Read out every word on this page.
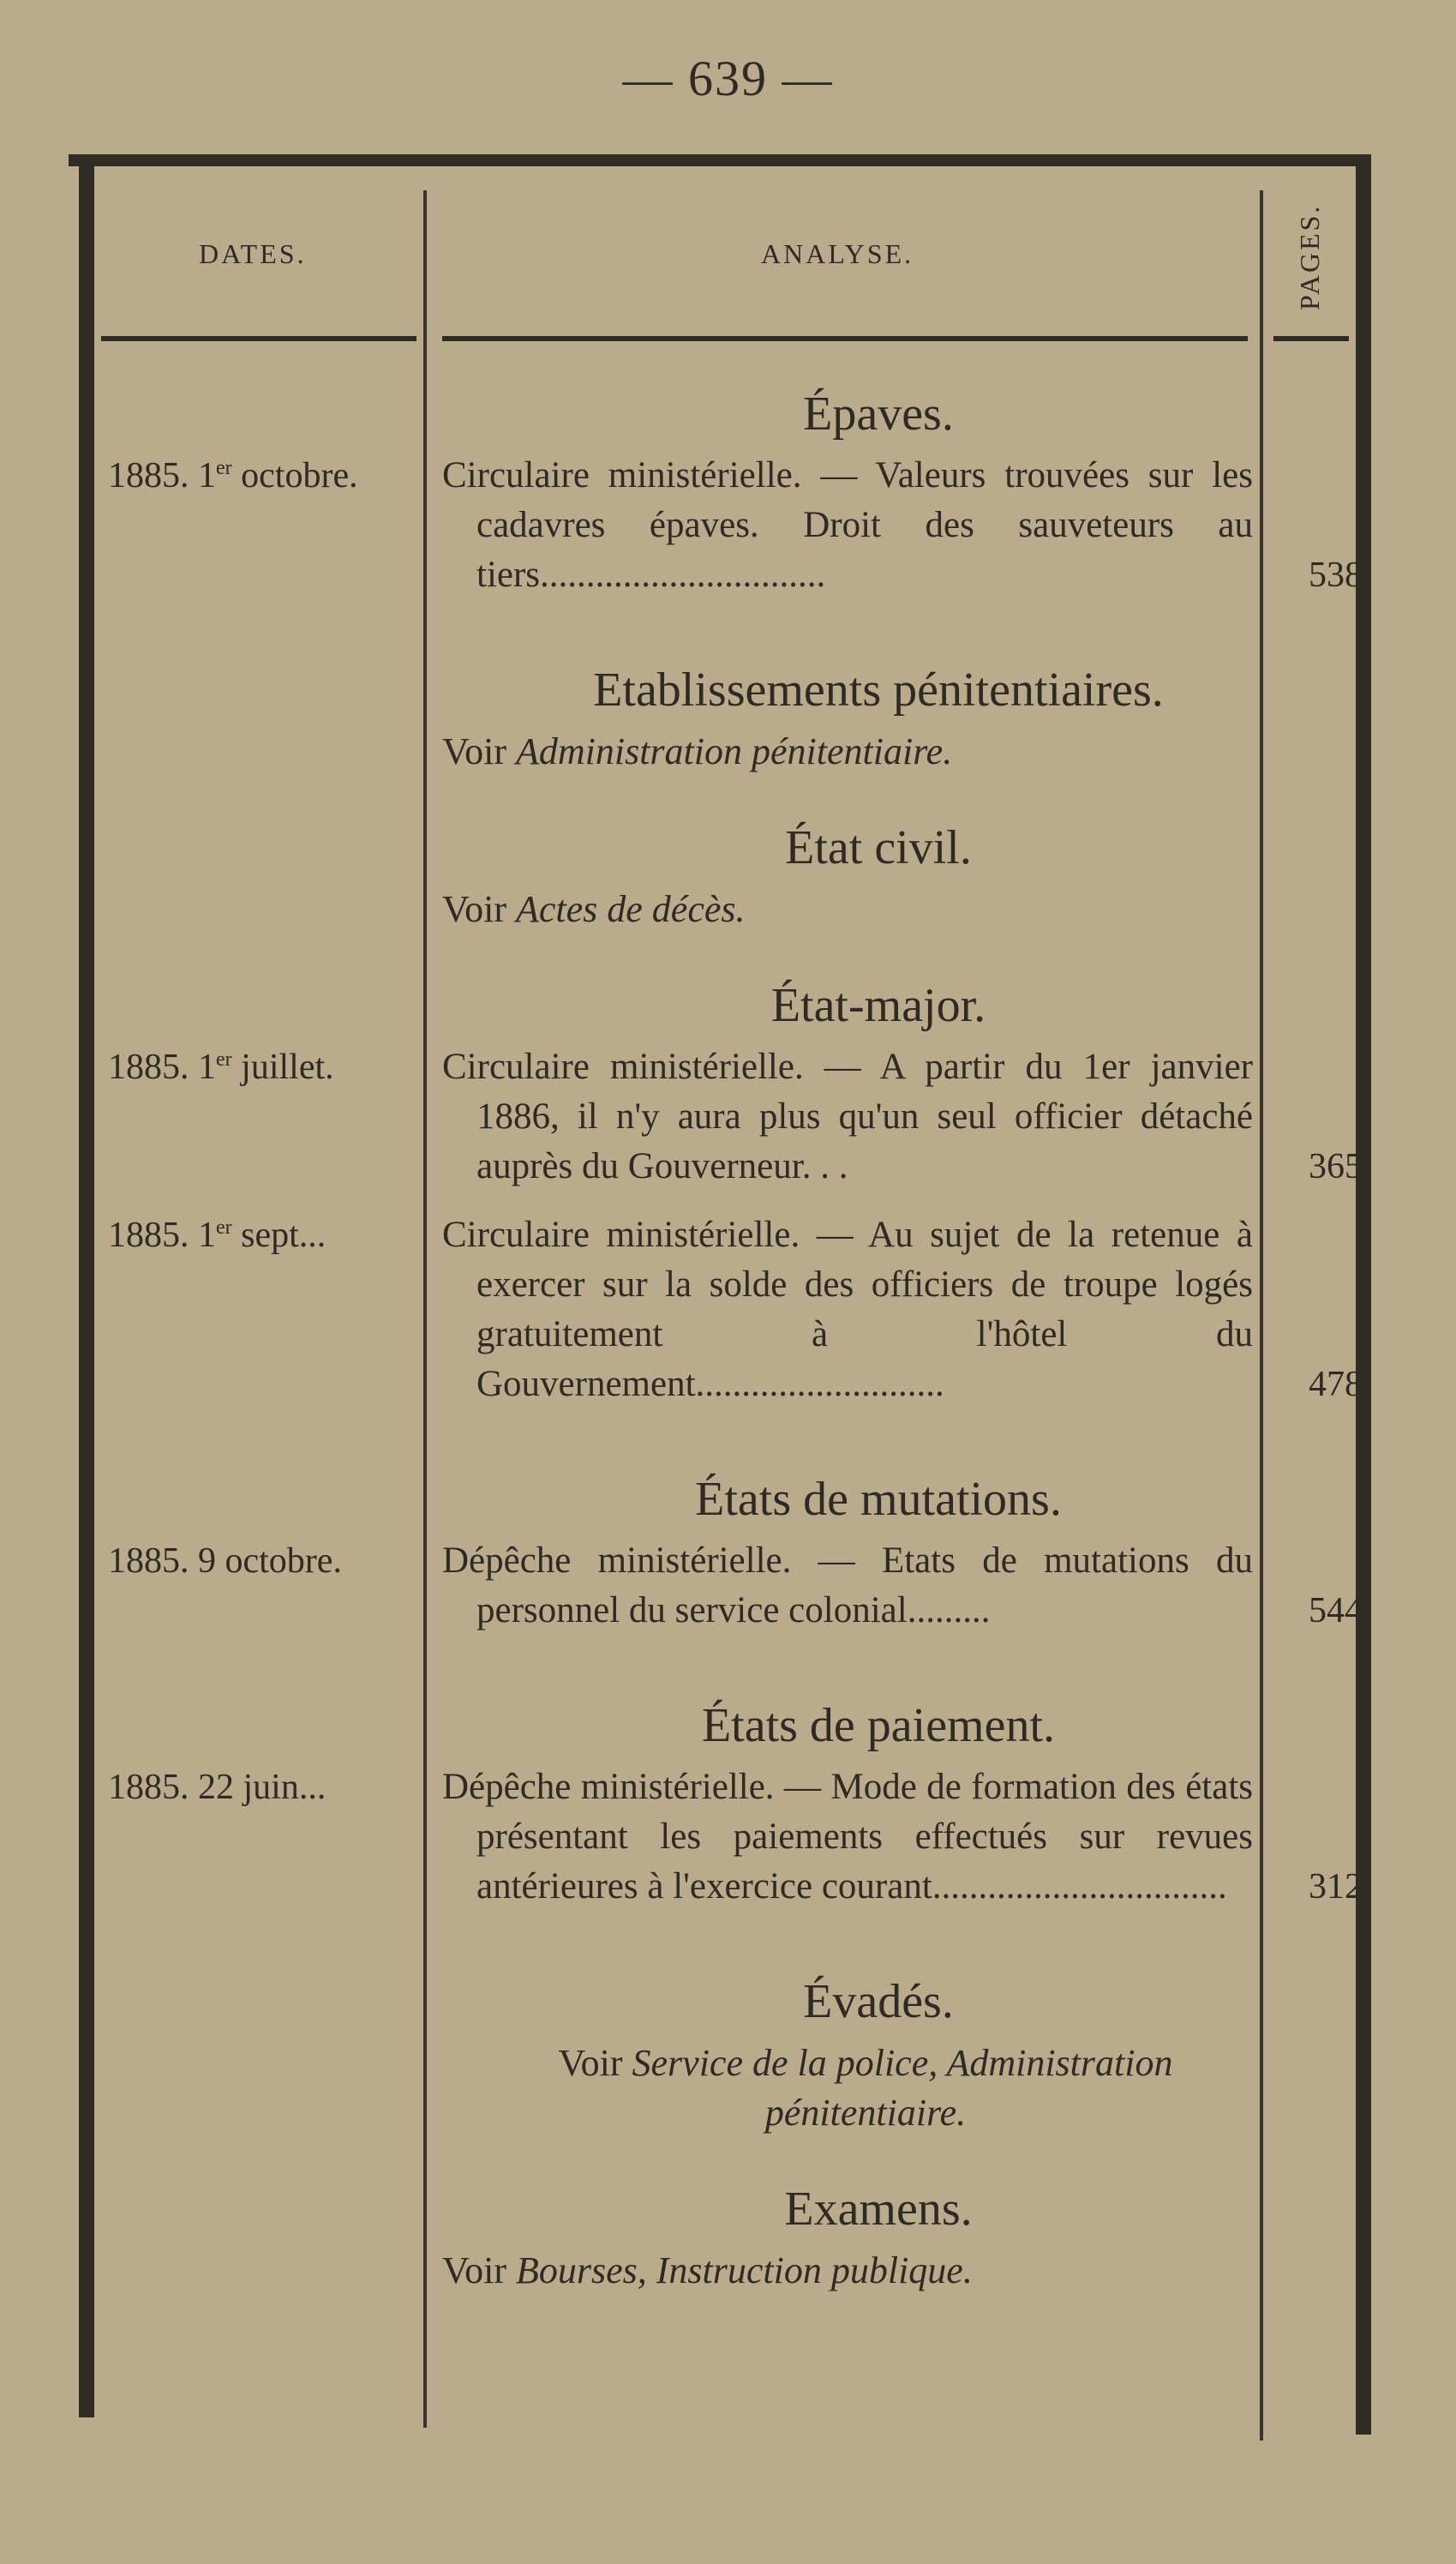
— 639 —
DATES.	ANALYSE.	PAGES.
Épaves.
1885. 1er octobre.	Circulaire ministérielle. — Valeurs trouvées sur les cadavres épaves. Droit des sauveteurs au tiers...............................	538
Etablissements pénitentiaires.
Voir Administration pénitentiaire.
État civil.
Voir Actes de décès.
État-major.
1885. 1er juillet.	Circulaire ministérielle. — A partir du 1er janvier 1886, il n'y aura plus qu'un seul officier détaché auprès du Gouverneur. . .	365
1885. 1er sept...	Circulaire ministérielle. — Au sujet de la retenue à exercer sur la solde des officiers de troupe logés gratuitement à l'hôtel du Gouvernement...........................	478
États de mutations.
1885. 9 octobre.	Dépêche ministérielle. — Etats de mutations du personnel du service colonial.........	544
États de paiement.
1885. 22 juin...	Dépêche ministérielle. — Mode de formation des états présentant les paiements effectués sur revues antérieures à l'exercice courant................................	312
Évadés.
Voir Service de la police, Administration pénitentiaire.
Examens.
Voir Bourses, Instruction publique.
